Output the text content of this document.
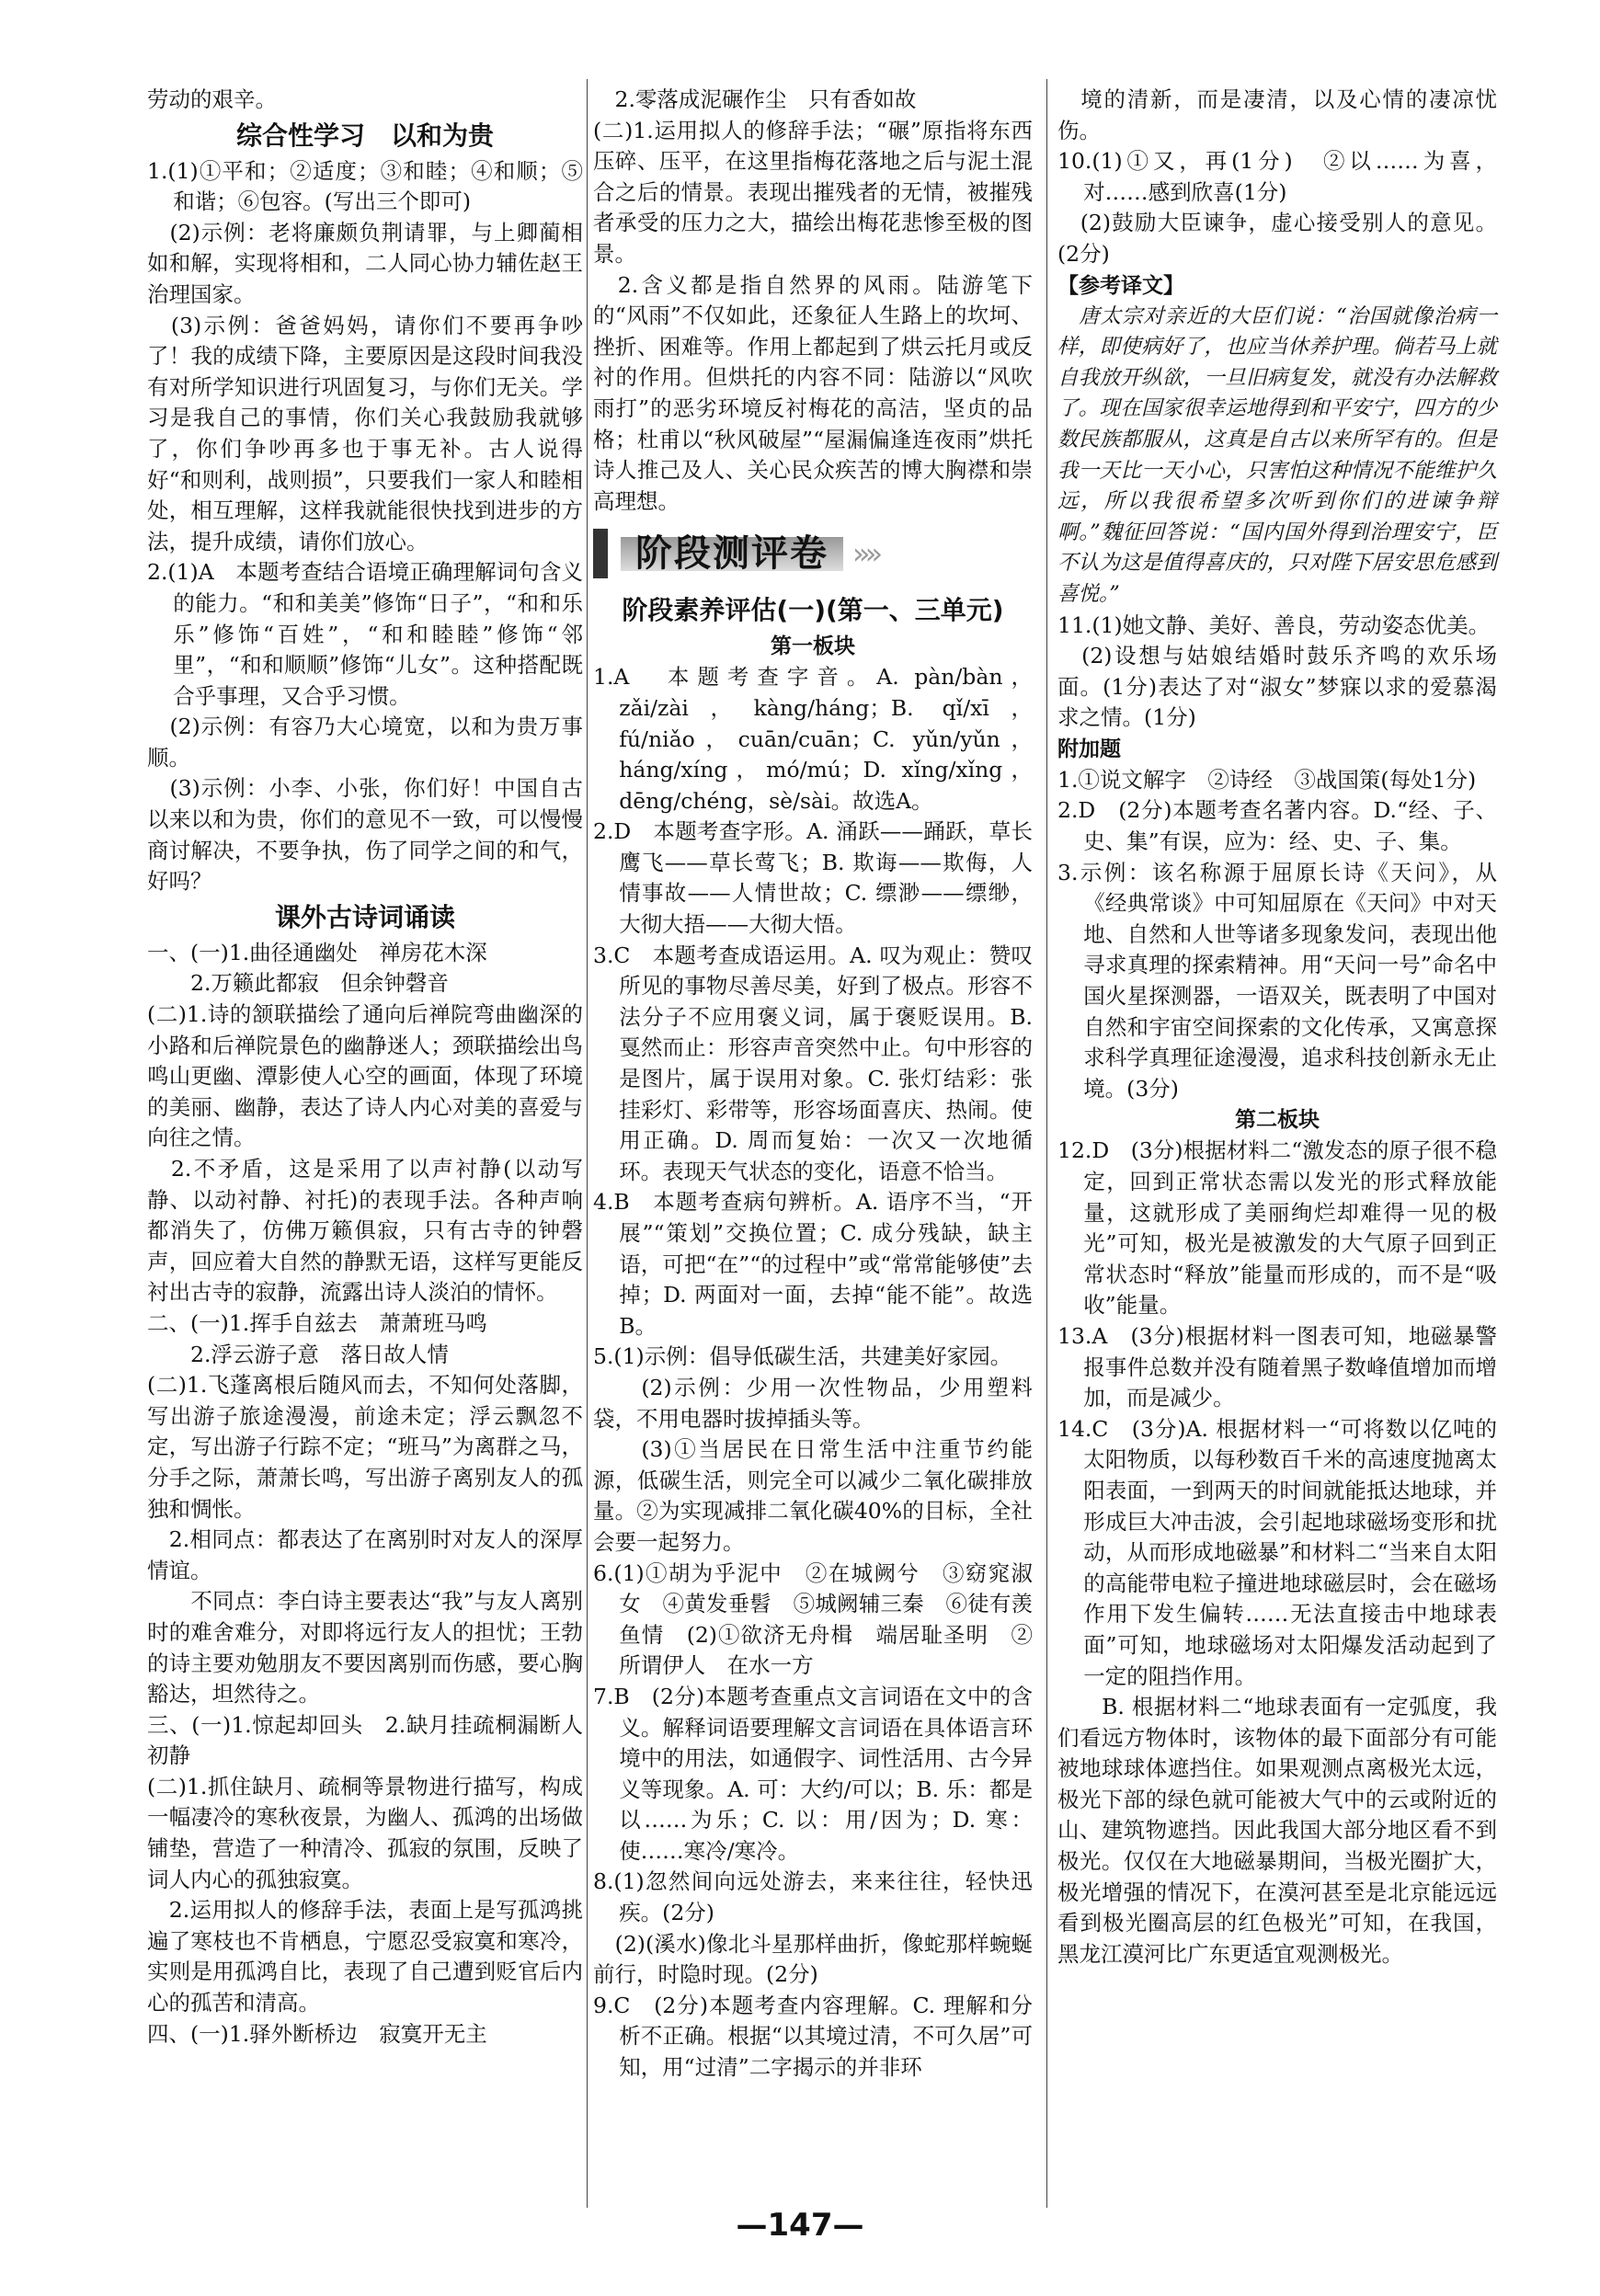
劳动的艰辛。

综合性学习　以和为贵

1.(1)①平和；②适度；③和睦；④和顺；⑤和谐；⑥包容。(写出三个即可)

　(2)示例：老将廉颇负荆请罪，与上卿蔺相如和解，实现将相和，二人同心协力辅佐赵王治理国家。

　(3)示例：爸爸妈妈，请你们不要再争吵了！我的成绩下降，主要原因是这段时间我没有对所学知识进行巩固复习，与你们无关。学习是我自己的事情，你们关心我鼓励我就够了，你们争吵再多也于事无补。古人说得好“和则利，战则损”，只要我们一家人和睦相处，相互理解，这样我就能很快找到进步的方法，提升成绩，请你们放心。

2.(1)A　本题考查结合语境正确理解词句含义的能力。“和和美美”修饰“日子”，“和和乐乐”修饰“百姓”，“和和睦睦”修饰“邻里”，“和和顺顺”修饰“儿女”。这种搭配既合乎事理，又合乎习惯。

　(2)示例：有容乃大心境宽，以和为贵万事顺。

　(3)示例：小李、小张，你们好！中国自古以来以和为贵，你们的意见不一致，可以慢慢商讨解决，不要争执，伤了同学之间的和气，好吗？

课外古诗词诵读

一、(一)1.曲径通幽处　禅房花木深

　　2.万籁此都寂　但余钟磬音

(二)1.诗的颔联描绘了通向后禅院弯曲幽深的小路和后禅院景色的幽静迷人；颈联描绘出鸟鸣山更幽、潭影使人心空的画面，体现了环境的美丽、幽静，表达了诗人内心对美的喜爱与向往之情。

　2.不矛盾，这是采用了以声衬静(以动写静、以动衬静、衬托)的表现手法。各种声响都消失了，仿佛万籁俱寂，只有古寺的钟磬声，回应着大自然的静默无语，这样写更能反衬出古寺的寂静，流露出诗人淡泊的情怀。

二、(一)1.挥手自兹去　萧萧班马鸣

　　2.浮云游子意　落日故人情

(二)1.飞蓬离根后随风而去，不知何处落脚，写出游子旅途漫漫，前途未定；浮云飘忽不定，写出游子行踪不定；“班马”为离群之马，分手之际，萧萧长鸣，写出游子离别友人的孤独和惆怅。

　2.相同点：都表达了在离别时对友人的深厚情谊。

　　不同点：李白诗主要表达“我”与友人离别时的难舍难分，对即将远行友人的担忧；王勃的诗主要劝勉朋友不要因离别而伤感，要心胸豁达，坦然待之。

三、(一)1.惊起却回头　2.缺月挂疏桐漏断人初静

(二)1.抓住缺月、疏桐等景物进行描写，构成一幅凄冷的寒秋夜景，为幽人、孤鸿的出场做铺垫，营造了一种清冷、孤寂的氛围，反映了词人内心的孤独寂寞。

　2.运用拟人的修辞手法，表面上是写孤鸿挑遍了寒枝也不肯栖息，宁愿忍受寂寞和寒冷，实则是用孤鸿自比，表现了自己遭到贬官后内心的孤苦和清高。

四、(一)1.驿外断桥边　寂寞开无主

　2.零落成泥碾作尘　只有香如故

(二)1.运用拟人的修辞手法；“碾”原指将东西压碎、压平，在这里指梅花落地之后与泥土混合之后的情景。表现出摧残者的无情，被摧残者承受的压力之大，描绘出梅花悲惨至极的图景。

　2.含义都是指自然界的风雨。陆游笔下的“风雨”不仅如此，还象征人生路上的坎坷、挫折、困难等。作用上都起到了烘云托月或反衬的作用。但烘托的内容不同：陆游以“风吹雨打”的恶劣环境反衬梅花的高洁，坚贞的品格；杜甫以“秋风破屋”“屋漏偏逢连夜雨”烘托诗人推己及人、关心民众疾苦的博大胸襟和崇高理想。

阶段测评卷 ››››

阶段素养评估(一)(第一、三单元)

第一板块

1.A　本题考查字音。A. pàn/bàn，zǎi/zài，kàng/háng；B. qǐ/xī，fú/niǎo，cuān/cuān；C. yǔn/yǔn，háng/xíng，mó/mú；D. xǐng/xǐng，dēng/chéng，sè/sài。故选A。

2.D　本题考查字形。A. 涌跃——踊跃，草长鹰飞——草长莺飞；B. 欺诲——欺侮，人情事故——人情世故；C. 缥渺——缥缈，大彻大捂——大彻大悟。

3.C　本题考查成语运用。A. 叹为观止：赞叹所见的事物尽善尽美，好到了极点。形容不法分子不应用褒义词，属于褒贬误用。B. 戛然而止：形容声音突然中止。句中形容的是图片，属于误用对象。C. 张灯结彩：张挂彩灯、彩带等，形容场面喜庆、热闹。使用正确。D. 周而复始：一次又一次地循环。表现天气状态的变化，语意不恰当。

4.B　本题考查病句辨析。A. 语序不当，“开展”“策划”交换位置；C. 成分残缺，缺主语，可把“在”“的过程中”或“常常能够使”去掉；D. 两面对一面，去掉“能不能”。故选B。

5.(1)示例：倡导低碳生活，共建美好家园。

　　(2)示例：少用一次性物品，少用塑料袋，不用电器时拔掉插头等。

　　(3)①当居民在日常生活中注重节约能源，低碳生活，则完全可以减少二氧化碳排放量。②为实现减排二氧化碳40%的目标，全社会要一起努力。

6.(1)①胡为乎泥中　②在城阙兮　③窈窕淑女　④黄发垂髫　⑤城阙辅三秦　⑥徒有羡鱼情　(2)①欲济无舟楫　端居耻圣明　②所谓伊人　在水一方

7.B　(2分)本题考查重点文言词语在文中的含义。解释词语要理解文言词语在具体语言环境中的用法，如通假字、词性活用、古今异义等现象。A. 可：大约/可以；B. 乐：都是以……为乐；C. 以：用/因为；D. 寒：使……寒冷/寒冷。

8.(1)忽然间向远处游去，来来往往，轻快迅疾。(2分)

　(2)(溪水)像北斗星那样曲折，像蛇那样蜿蜒前行，时隐时现。(2分)

9.C　(2分)本题考查内容理解。C. 理解和分析不正确。根据“以其境过清，不可久居”可知，用“过清”二字揭示的并非环

　境的清新，而是凄清，以及心情的凄凉忧伤。

10.(1)①又，再(1分)　②以……为喜，对……感到欣喜(1分)

　(2)鼓励大臣谏争，虚心接受别人的意见。(2分)

【参考译文】

　唐太宗对亲近的大臣们说：“治国就像治病一样，即使病好了，也应当休养护理。倘若马上就自我放开纵欲，一旦旧病复发，就没有办法解救了。现在国家很幸运地得到和平安宁，四方的少数民族都服从，这真是自古以来所罕有的。但是我一天比一天小心，只害怕这种情况不能维护久远，所以我很希望多次听到你们的进谏争辩啊。”魏征回答说：“国内国外得到治理安宁，臣不认为这是值得喜庆的，只对陛下居安思危感到喜悦。”

11.(1)她文静、美好、善良，劳动姿态优美。

　(2)设想与姑娘结婚时鼓乐齐鸣的欢乐场面。(1分)表达了对“淑女”梦寐以求的爱慕渴求之情。(1分)

附加题

1.①说文解字　②诗经　③战国策(每处1分)

2.D　(2分)本题考查名著内容。D.“经、子、史、集”有误，应为：经、史、子、集。

3.示例：该名称源于屈原长诗《天问》，从《经典常谈》中可知屈原在《天问》中对天地、自然和人世等诸多现象发问，表现出他寻求真理的探索精神。用“天问一号”命名中国火星探测器，一语双关，既表明了中国对自然和宇宙空间探索的文化传承，又寓意探求科学真理征途漫漫，追求科技创新永无止境。(3分)

第二板块

12.D　(3分)根据材料二“激发态的原子很不稳定，回到正常状态需以发光的形式释放能量，这就形成了美丽绚烂却难得一见的极光”可知，极光是被激发的大气原子回到正常状态时“释放”能量而形成的，而不是“吸收”能量。

13.A　(3分)根据材料一图表可知，地磁暴警报事件总数并没有随着黑子数峰值增加而增加，而是减少。

14.C　(3分)A. 根据材料一“可将数以亿吨的太阳物质，以每秒数百千米的高速度抛离太阳表面，一到两天的时间就能抵达地球，并形成巨大冲击波，会引起地球磁场变形和扰动，从而形成地磁暴”和材料二“当来自太阳的高能带电粒子撞进地球磁层时，会在磁场作用下发生偏转……无法直接击中地球表面”可知，地球磁场对太阳爆发活动起到了一定的阻挡作用。

　　B. 根据材料二“地球表面有一定弧度，我们看远方物体时，该物体的最下面部分有可能被地球球体遮挡住。如果观测点离极光太远，极光下部的绿色就可能被大气中的云或附近的山、建筑物遮挡。因此我国大部分地区看不到极光。仅仅在大地磁暴期间，当极光圈扩大，极光增强的情况下，在漠河甚至是北京能远远看到极光圈高层的红色极光”可知，在我国，黑龙江漠河比广东更适宜观测极光。

—147—
